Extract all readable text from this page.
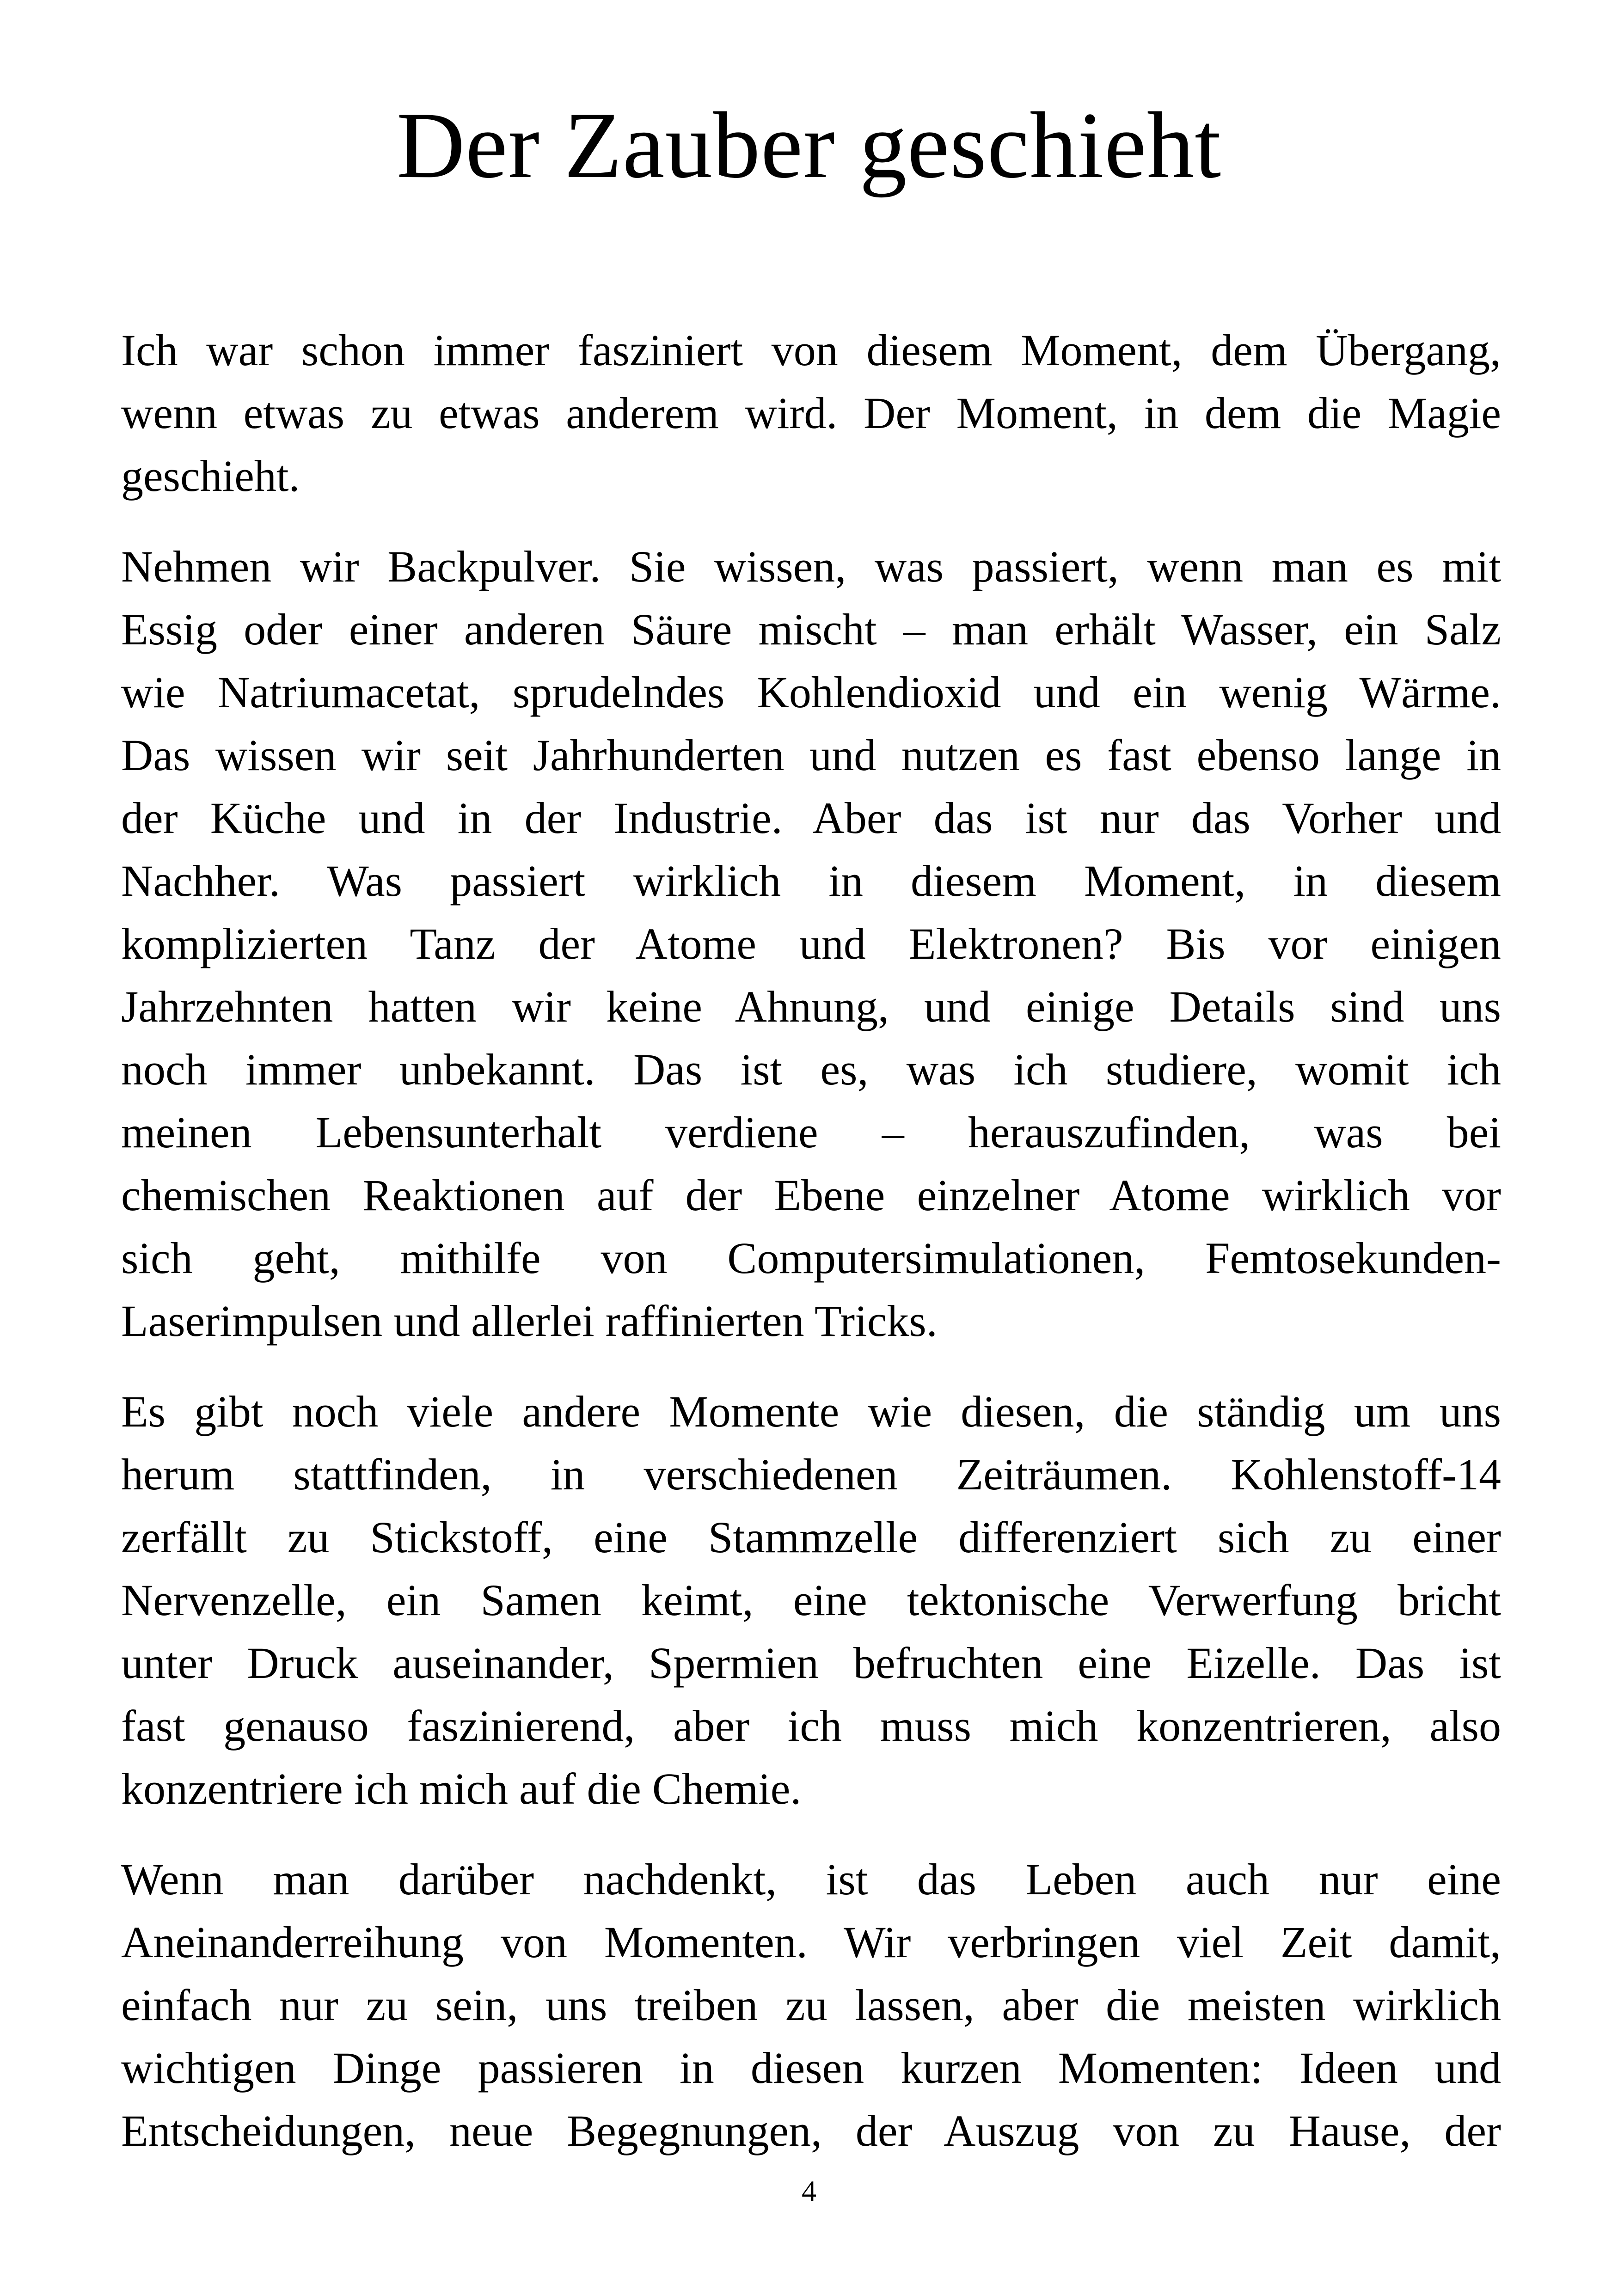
Der Zauber geschieht

Ich war schon immer fasziniert von diesem Moment, dem Übergang,
wenn etwas zu etwas anderem wird. Der Moment, in dem die Magie
geschieht.

Nehmen wir Backpulver. Sie wissen, was passiert, wenn man es mit
Essig oder einer anderen Säure mischt – man erhält Wasser, ein Salz
wie Natriumacetat, sprudelndes Kohlendioxid und ein wenig Wärme.
Das wissen wir seit Jahrhunderten und nutzen es fast ebenso lange in
der Küche und in der Industrie. Aber das ist nur das Vorher und
Nachher. Was passiert wirklich in diesem Moment, in diesem
komplizierten Tanz der Atome und Elektronen? Bis vor einigen
Jahrzehnten hatten wir keine Ahnung, und einige Details sind uns
noch immer unbekannt. Das ist es, was ich studiere, womit ich
meinen Lebensunterhalt verdiene – herauszufinden, was bei
chemischen Reaktionen auf der Ebene einzelner Atome wirklich vor
sich geht, mithilfe von Computersimulationen, Femtosekunden-
Laserimpulsen und allerlei raffinierten Tricks.

Es gibt noch viele andere Momente wie diesen, die ständig um uns
herum stattfinden, in verschiedenen Zeiträumen. Kohlenstoff-14
zerfällt zu Stickstoff, eine Stammzelle differenziert sich zu einer
Nervenzelle, ein Samen keimt, eine tektonische Verwerfung bricht
unter Druck auseinander, Spermien befruchten eine Eizelle. Das ist
fast genauso faszinierend, aber ich muss mich konzentrieren, also
konzentriere ich mich auf die Chemie.

Wenn man darüber nachdenkt, ist das Leben auch nur eine
Aneinanderreihung von Momenten. Wir verbringen viel Zeit damit,
einfach nur zu sein, uns treiben zu lassen, aber die meisten wirklich
wichtigen Dinge passieren in diesen kurzen Momenten: Ideen und
Entscheidungen, neue Begegnungen, der Auszug von zu Hause, der

4
